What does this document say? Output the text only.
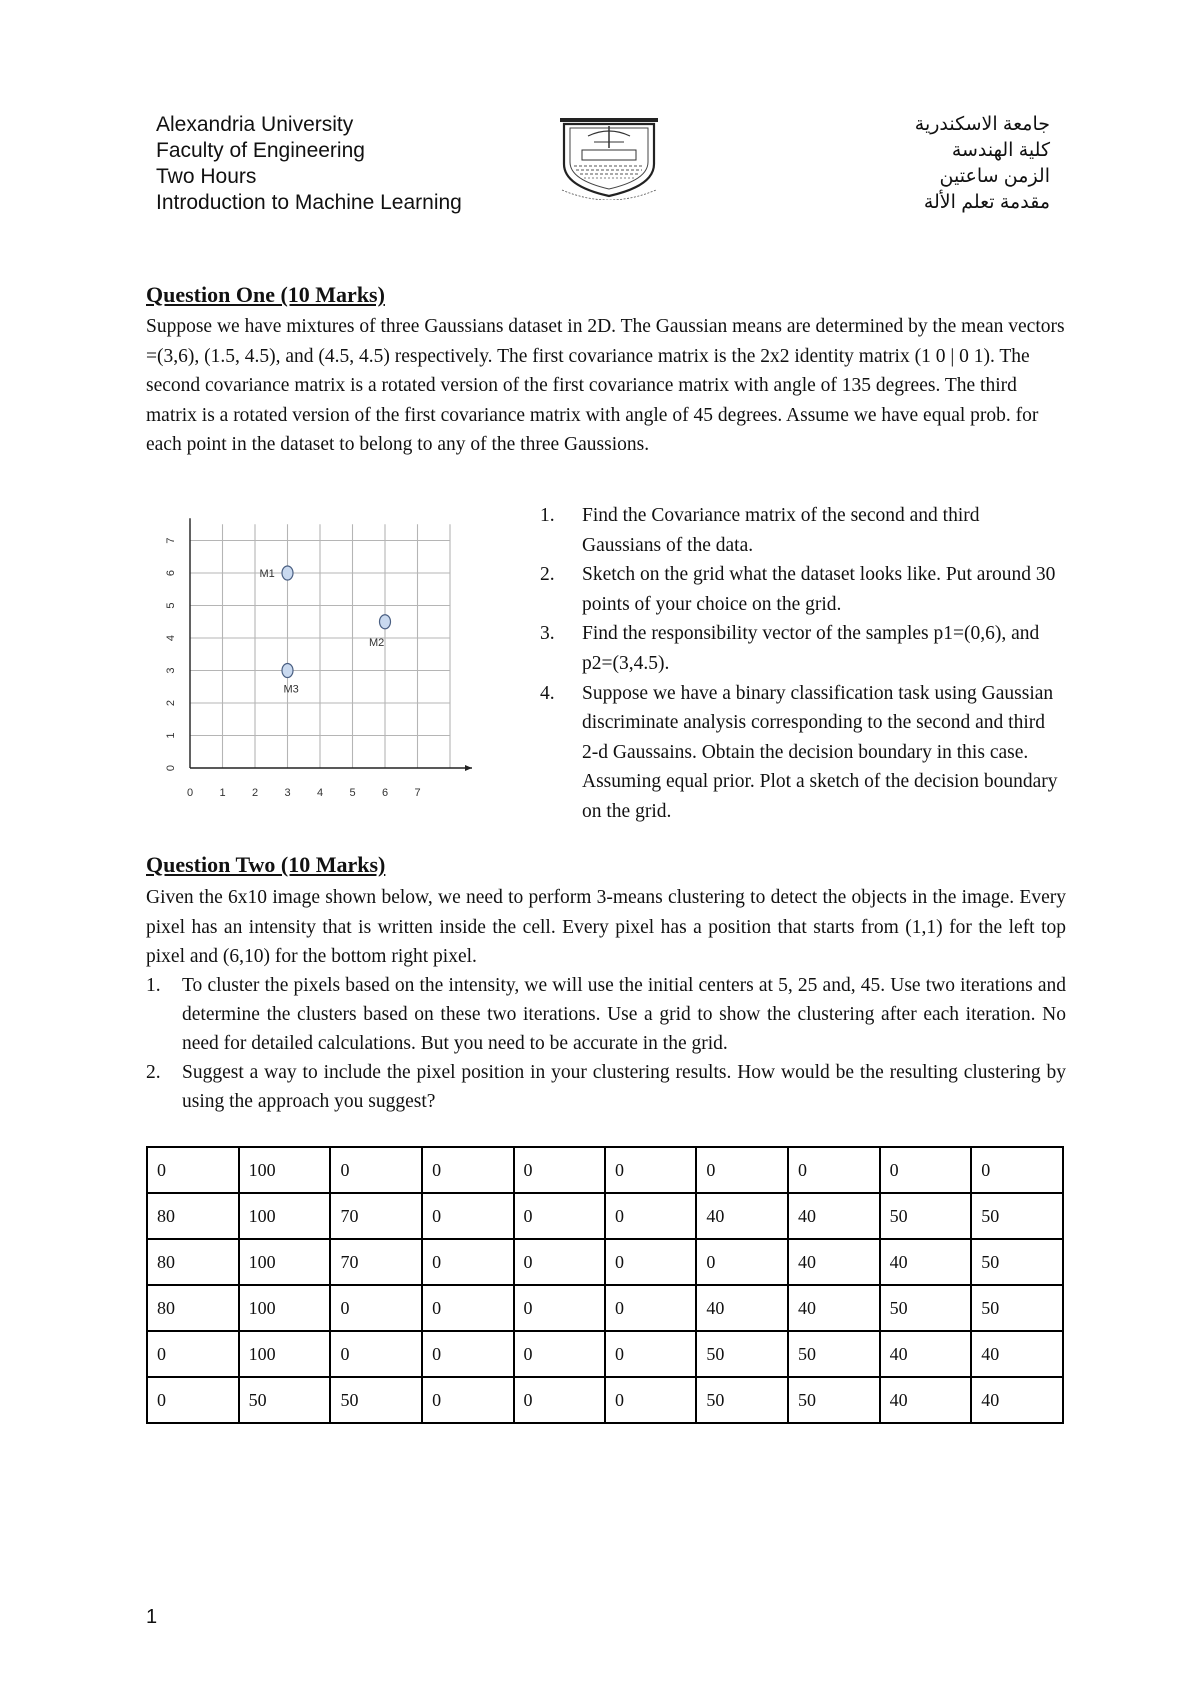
Alexandria University
Faculty of Engineering
Two Hours
Introduction to Machine Learning
جامعة الاسكندرية
كلية الهندسة
الزمن ساعتين
مقدمة تعلم الألة
Question One (10 Marks)
Suppose we have mixtures of three Gaussians dataset in 2D. The Gaussian means are determined by the mean vectors =(3,6), (1.5, 4.5), and (4.5, 4.5) respectively. The first covariance matrix is the 2x2 identity matrix (1 0 | 0 1). The second covariance matrix is a rotated version of the first covariance matrix with angle of 135 degrees. The third matrix is a rotated version of the first covariance matrix with angle of 45 degrees. Assume we have equal prob. for each point in the dataset to belong to any of the three Gaussions.
0 1 2 3 4 5 6 7
0
1
2
3
4
5
6
7
M1
M2
M3
1. Find the Covariance matrix of the second and third Gaussians of the data.
2. Sketch on the grid what the dataset looks like. Put around 30 points of your choice on the grid.
3. Find the responsibility vector of the samples p1=(0,6), and p2=(3,4.5).
4. Suppose we have a binary classification task using Gaussian discriminate analysis corresponding to the second and third 2-d Gaussains. Obtain the decision boundary in this case. Assuming equal prior. Plot a sketch of the decision boundary on the grid.
Question Two (10 Marks)
Given the 6x10 image shown below, we need to perform 3-means clustering to detect the objects in the image. Every pixel has an intensity that is written inside the cell. Every pixel has a position that starts from (1,1) for the left top pixel and (6,10) for the bottom right pixel.
1. To cluster the pixels based on the intensity, we will use the initial centers at 5, 25 and, 45. Use two iterations and determine the clusters based on these two iterations. Use a grid to show the clustering after each iteration. No need for detailed calculations. But you need to be accurate in the grid.
2. Suggest a way to include the pixel position in your clustering results. How would be the resulting clustering by using the approach you suggest?
0	100	0	0	0	0	0	0	0	0
80	100	70	0	0	0	40	40	50	50
80	100	70	0	0	0	0	40	40	50
80	100	0	0	0	0	40	40	50	50
0	100	0	0	0	0	50	50	40	40
0	50	50	0	0	0	50	50	40	40
1
